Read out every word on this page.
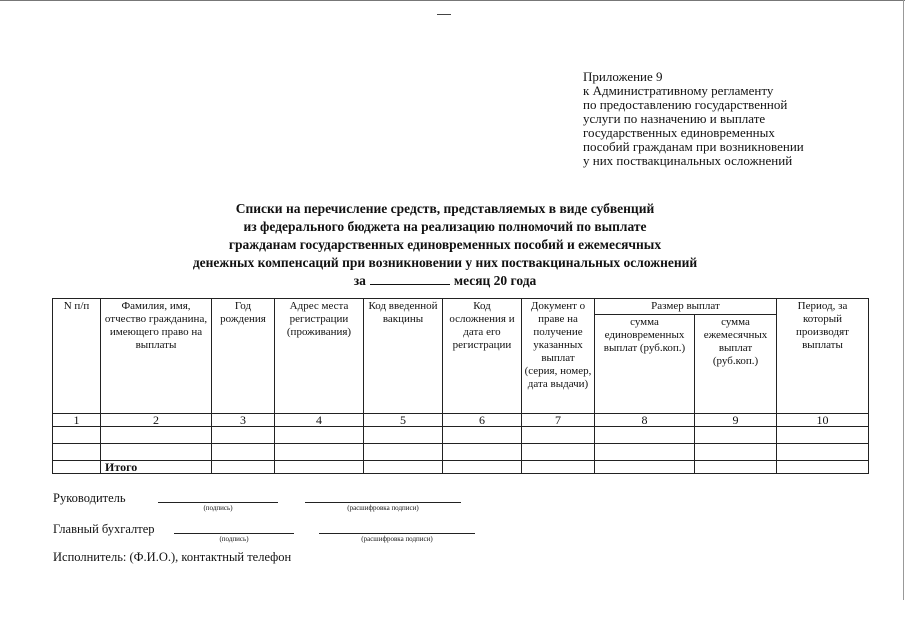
Приложение 9
к Административному регламенту
по предоставлению государственной
услуги по назначению и выплате
государственных единовременных
пособий гражданам при возникновении
у них поствакцинальных осложнений
Списки на перечисление средств, представляемых в виде субвенций
из федерального бюджета на реализацию полномочий по выплате
гражданам государственных единовременных пособий и ежемесячных
денежных компенсаций при возникновении у них поствакцинальных осложнений
за	месяц 20 года
N п/п	Фамилия, имя, отчество гражданина, имеющего право на выплаты	Год рождения	Адрес места регистрации (проживания)	Код введенной вакцины	Код осложнения и дата его регистрации	Документ о правe на получение указанных выплат (серия, номер, дата выдачи)	Размер выплат		Период, за который производят выплаты
							сумма единовременных выплат (руб.коп.)	сумма ежемесячных выплат (руб.коп.)	
1	2	3	4	5	6	7	8	9	10

	Итого								
Руководитель
(подпись)	(расшифровка подписи)
Главный бухгалтер
(подпись)	(расшифровка подписи)
Исполнитель: (Ф.И.О.), контактный телефон
